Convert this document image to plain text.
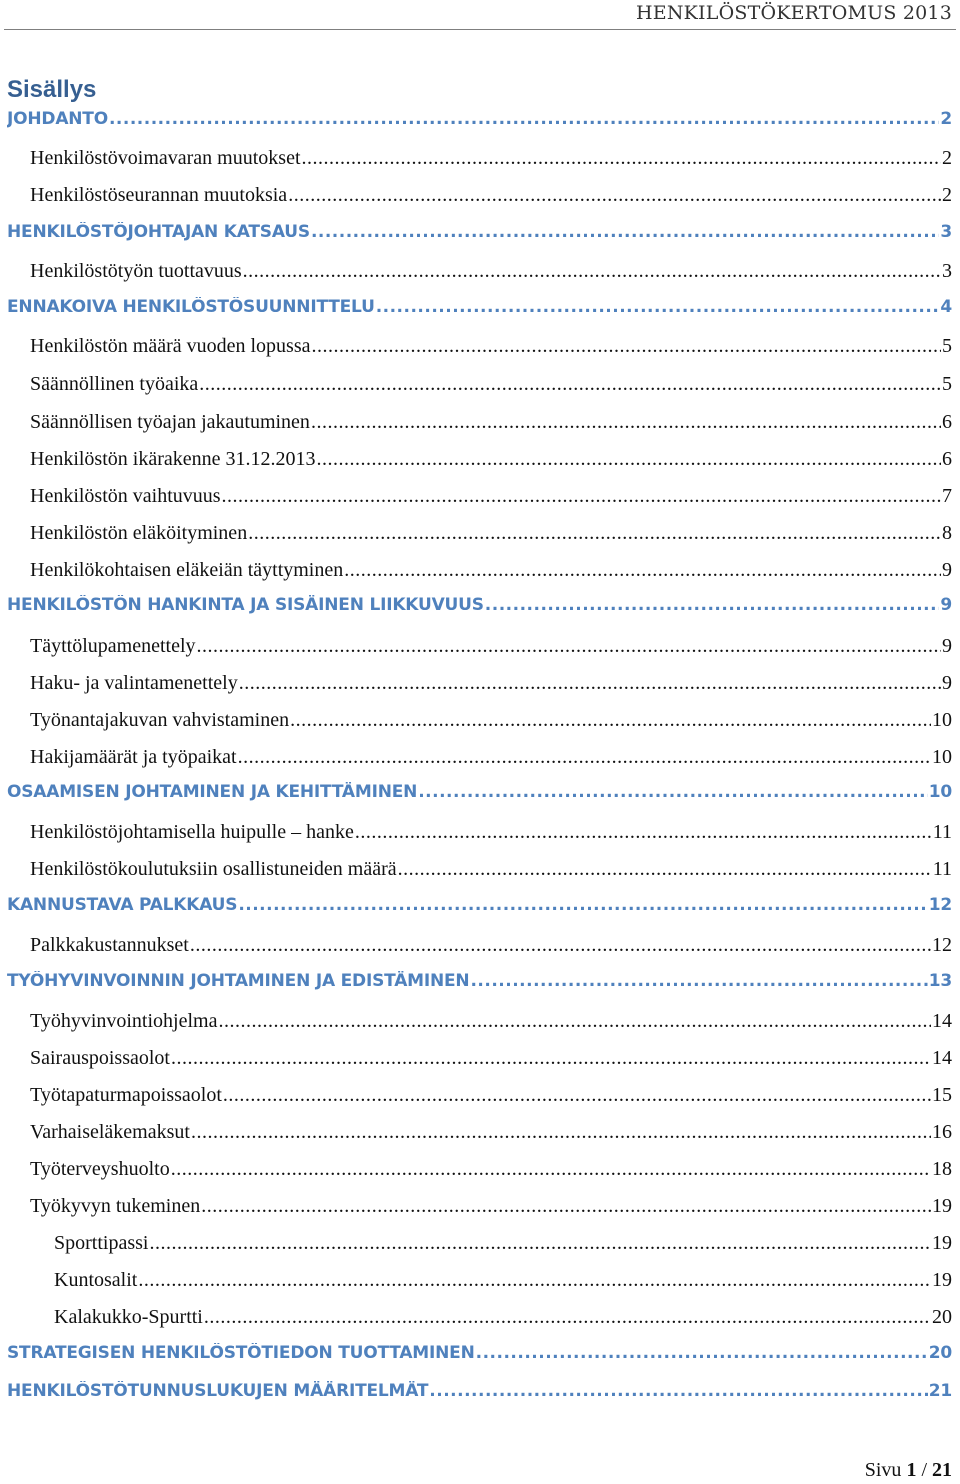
HENKILÖSTÖKERTOMUS 2013
Sisällys
JOHDANTO .....	2
Henkilöstövoimavaran muutokset .....	2
Henkilöstöseurannan muutoksia .....	2
HENKILÖSTÖJOHTAJAN KATSAUS .....	3
Henkilöstötyön tuottavuus .....	3
ENNAKOIVA HENKILÖSTÖSUUNNITTELU .....	4
Henkilöstön määrä vuoden lopussa .....	5
Säännöllinen työaika .....	5
Säännöllisen työajan jakautuminen .....	6
Henkilöstön ikärakenne 31.12.2013 .....	6
Henkilöstön vaihtuvuus .....	7
Henkilöstön eläköityminen .....	8
Henkilökohtaisen eläkeiän täyttyminen .....	9
HENKILÖSTÖN HANKINTA JA SISÄINEN LIIKKUVUUS .....	9
Täyttölupamenettely .....	9
Haku- ja valintamenettely .....	9
Työnantajakuvan vahvistaminen .....	10
Hakijamäärät ja työpaikat .....	10
OSAAMISEN JOHTAMINEN JA KEHITTÄMINEN .....	10
Henkilöstöjohtamisella huipulle – hanke .....	11
Henkilöstökoulutuksiin osallistuneiden määrä .....	11
KANNUSTAVA PALKKAUS .....	12
Palkkakustannukset .....	12
TYÖHYVINVOINNIN JOHTAMINEN JA EDISTÄMINEN .....	13
Työhyvinvointiohjelma .....	14
Sairauspoissaolot .....	14
Työtapaturmapoissaolot .....	15
Varhaiseläkemaksut .....	16
Työterveyshuolto .....	18
Työkyvyn tukeminen .....	19
Sporttipassi .....	19
Kuntosalit .....	19
Kalakukko-Spurtti .....	20
STRATEGISEN HENKILÖSTÖTIEDON TUOTTAMINEN .....	20
HENKILÖSTÖTUNNUSLUKUJEN MÄÄRITELMÄT .....	21
Sivu 1 / 21
